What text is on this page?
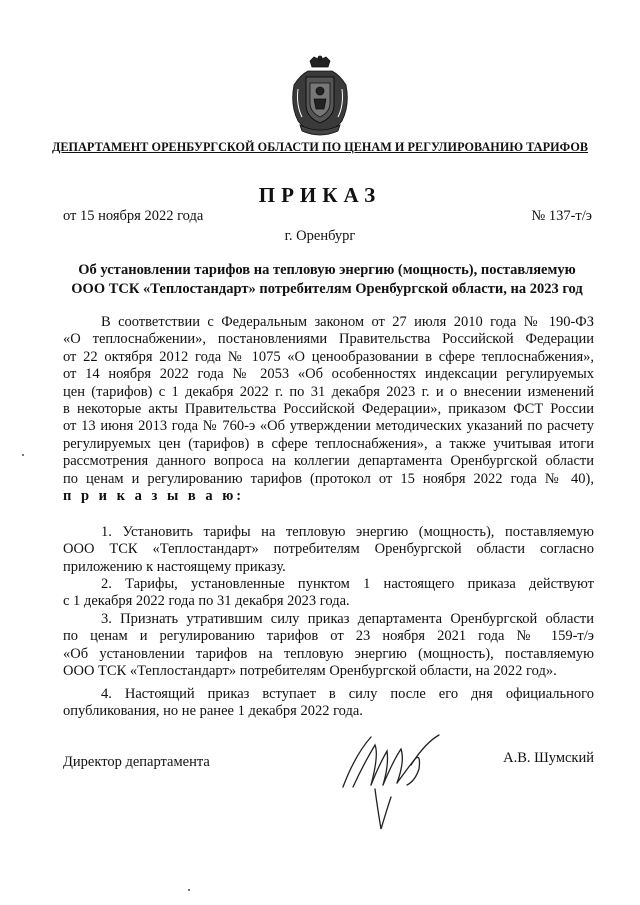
ДЕПАРТАМЕНТ ОРЕНБУРГСКОЙ ОБЛАСТИ ПО ЦЕНАМ И РЕГУЛИРОВАНИЮ ТАРИФОВ
ПРИКАЗ
от 15 ноября 2022 года	№ 137-т/э
г. Оренбург
Об установлении тарифов на тепловую энергию (мощность), поставляемую
ООО ТСК «Теплостандарт» потребителям Оренбургской области, на 2023 год
В соответствии с Федеральным законом от 27 июля 2010 года № 190-ФЗ
«О теплоснабжении», постановлениями Правительства Российской Федерации
от 22 октября 2012 года № 1075 «О ценообразовании в сфере теплоснабжения»,
от 14 ноября 2022 года № 2053 «Об особенностях индексации регулируемых
цен (тарифов) с 1 декабря 2022 г. по 31 декабря 2023 г. и о внесении изменений
в некоторые акты Правительства Российской Федерации», приказом ФСТ России
от 13 июня 2013 года № 760-э «Об утверждении методических указаний по расчету
регулируемых цен (тарифов) в сфере теплоснабжения», а также учитывая итоги
рассмотрения данного вопроса на коллегии департамента Оренбургской области
по ценам и регулированию тарифов (протокол от 15 ноября 2022 года № 40),
п р и к а з ы в а ю:
1. Установить тарифы на тепловую энергию (мощность), поставляемую
ООО ТСК «Теплостандарт» потребителям Оренбургской области согласно
приложению к настоящему приказу.
2. Тарифы, установленные пунктом 1 настоящего приказа действуют
с 1 декабря 2022 года по 31 декабря 2023 года.
3. Признать утратившим силу приказ департамента Оренбургской области
по ценам и регулированию тарифов от 23 ноября 2021 года № 159-т/э
«Об установлении тарифов на тепловую энергию (мощность), поставляемую
ООО ТСК «Теплостандарт» потребителям Оренбургской области, на 2022 год».
4. Настоящий приказ вступает в силу после его дня официального
опубликования, но не ранее 1 декабря 2022 года.
Директор департамента	А.В. Шумский
